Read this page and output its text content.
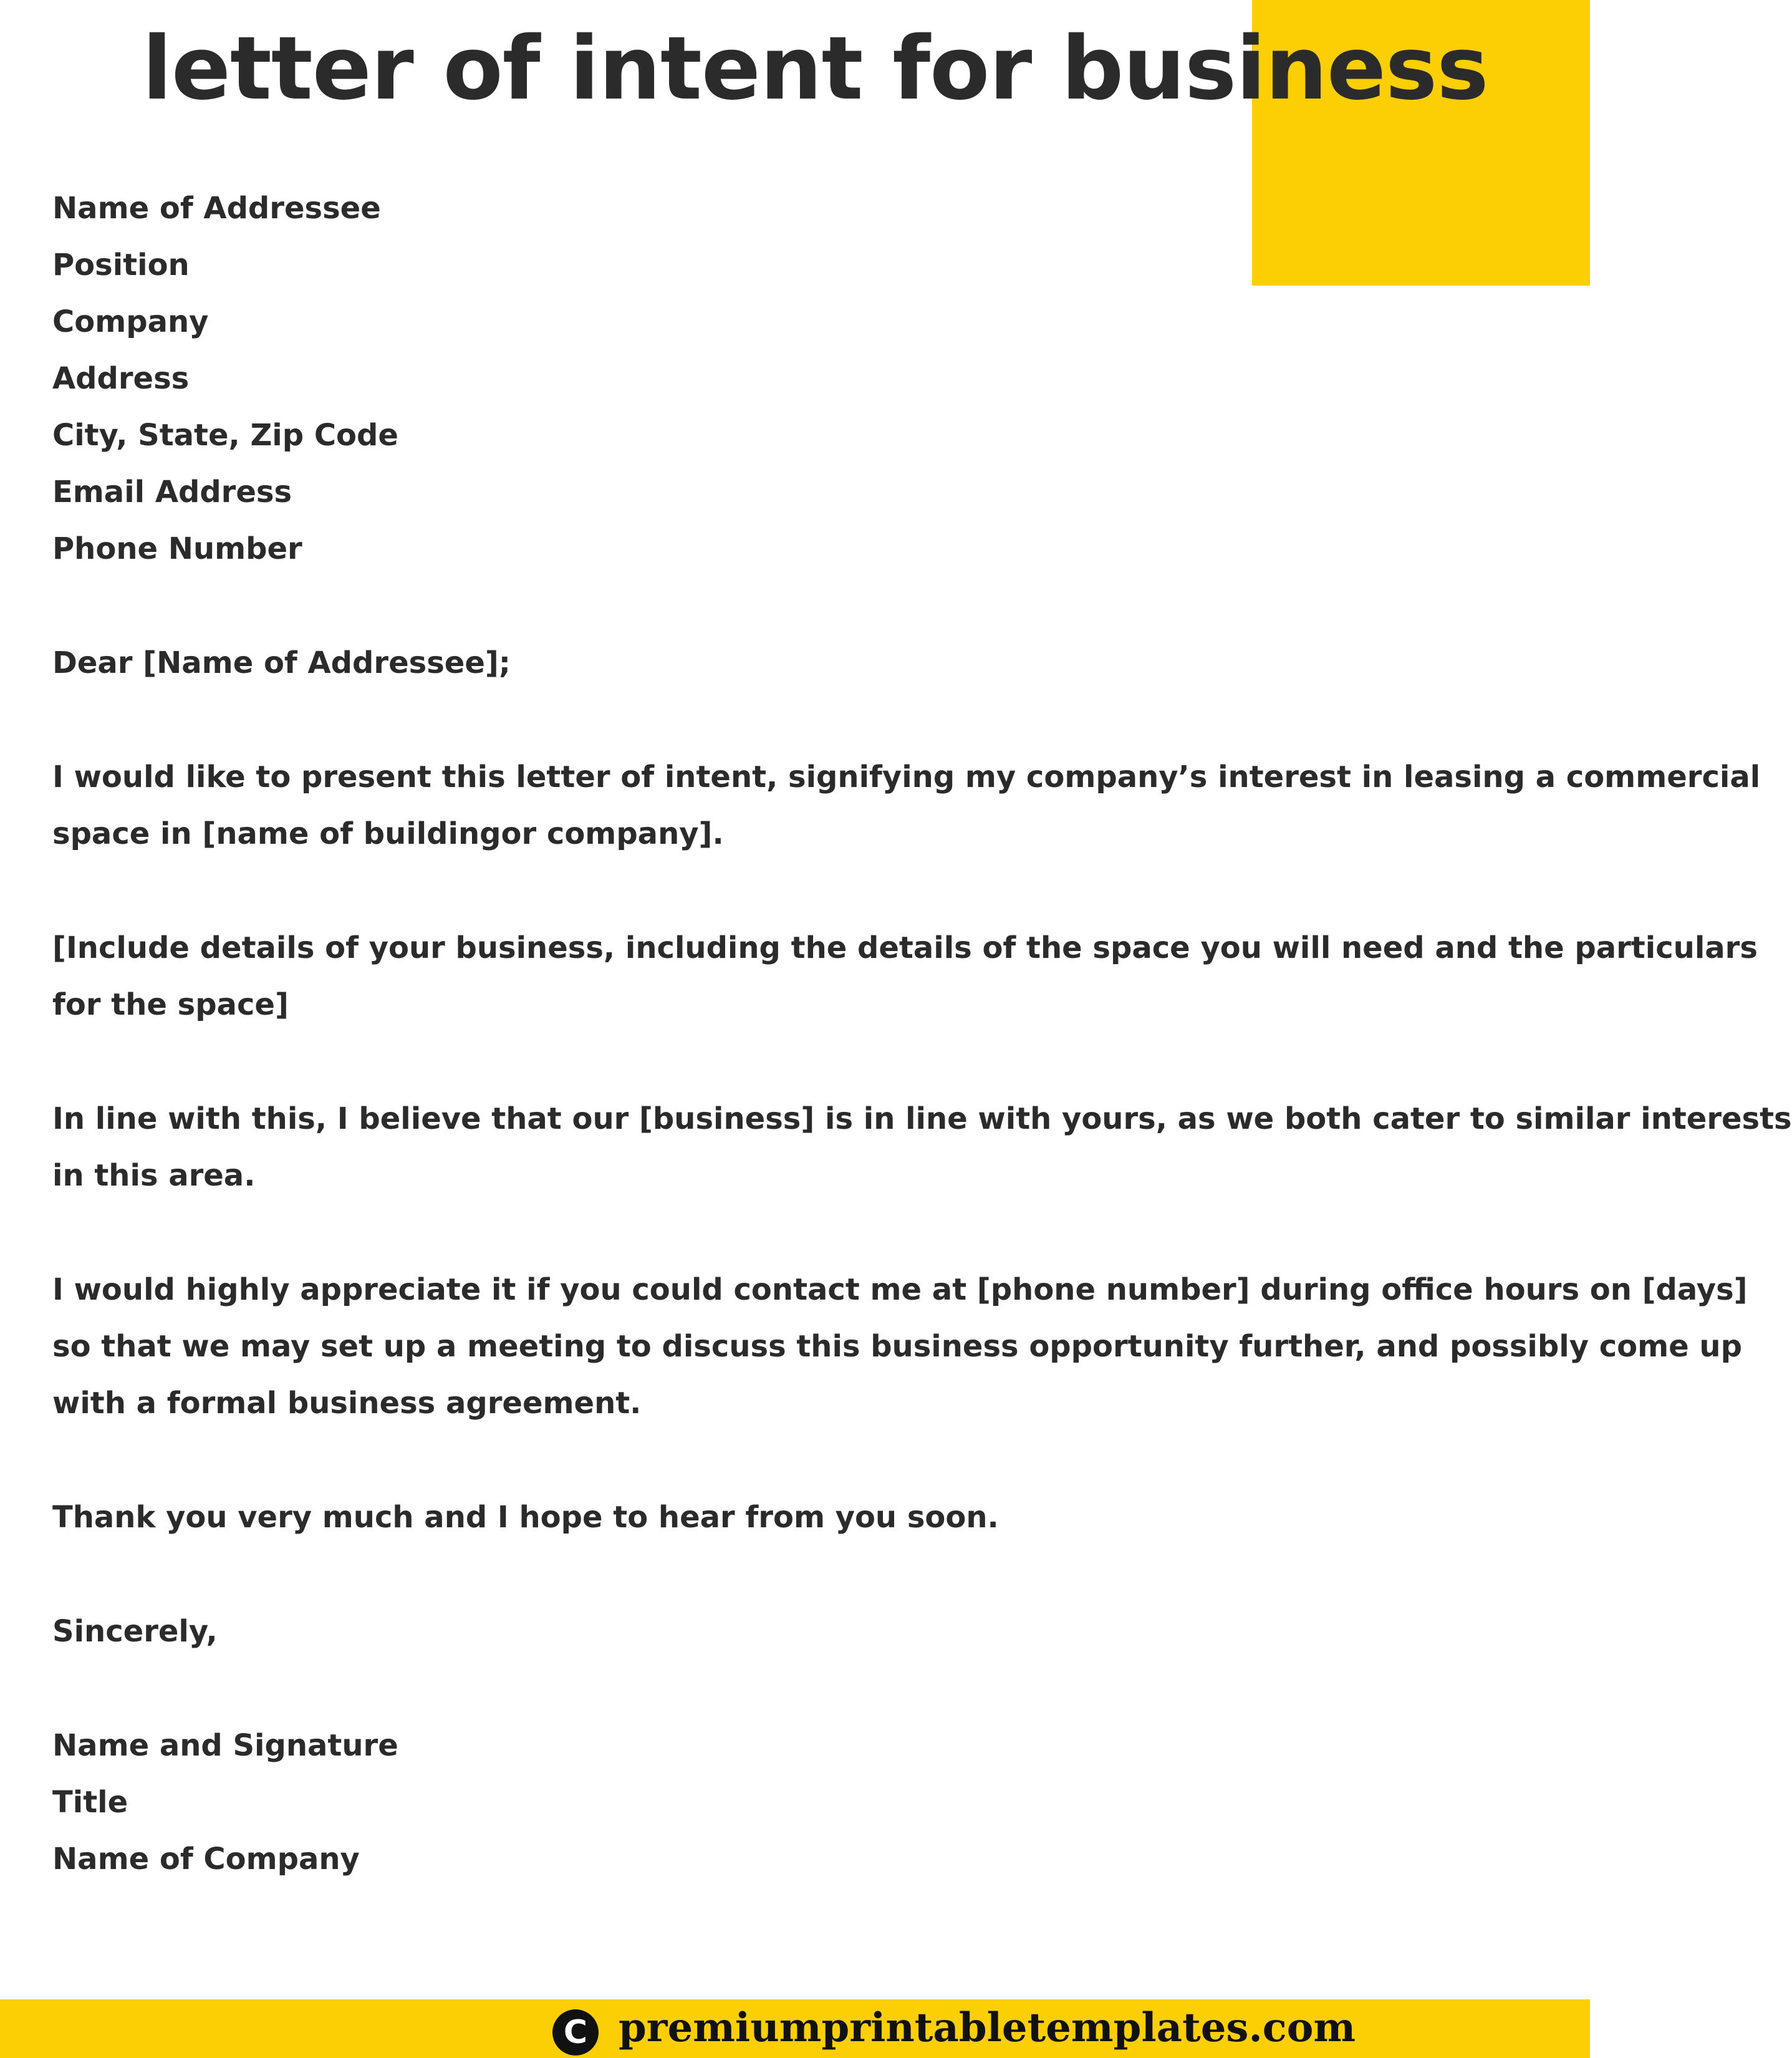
letter of intent for business
Name of Addressee
Position
Company
Address
City, State, Zip Code
Email Address
Phone Number
Dear [Name of Addressee];
I would like to present this letter of intent, signifying my company’s interest in leasing a commercial
space in [name of buildingor company].
[Include details of your business, including the details of the space you will need and the particulars
for the space]
In line with this, I believe that our [business] is in line with yours, as we both cater to similar interests
in this area.
I would highly appreciate it if you could contact me at [phone number] during office hours on [days]
so that we may set up a meeting to discuss this business opportunity further, and possibly come up
with a formal business agreement.
Thank you very much and I hope to hear from you soon.
Sincerely,
Name and Signature
Title
Name of Company
C premiumprintabletemplates.com
